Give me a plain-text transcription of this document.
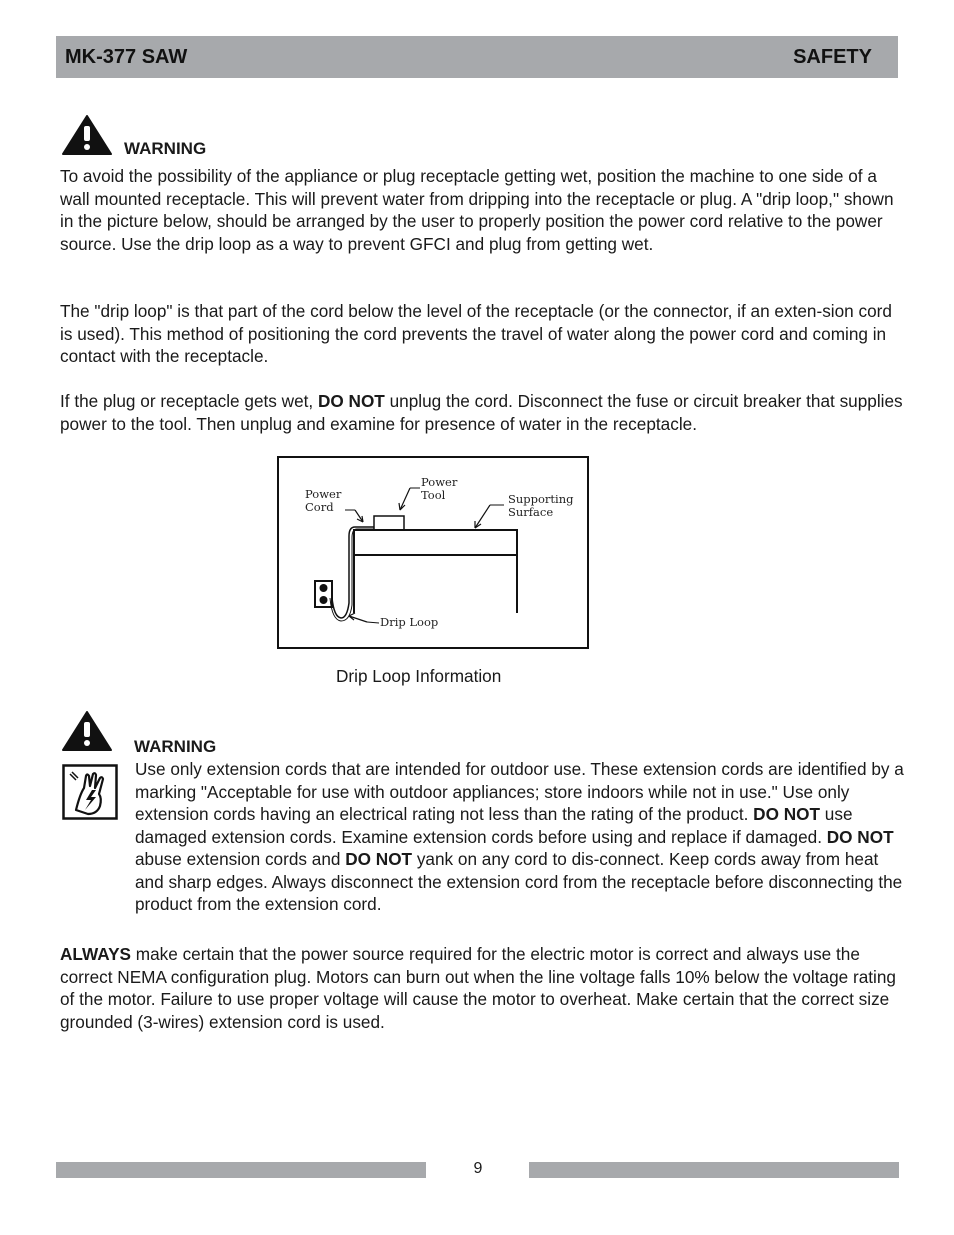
MK-377 SAW	SAFETY
WARNING

To avoid the possibility of the appliance or plug receptacle getting wet, position the machine to one side of a wall mounted receptacle. This will prevent water from dripping into the receptacle or plug. A "drip loop," shown in the picture below, should be arranged by the user to properly position the power cord relative to the power source. Use the drip loop as a way to prevent GFCI and plug from getting wet.

The "drip loop" is that part of the cord below the level of the receptacle (or the connector, if an exten-sion cord is used). This method of positioning the cord prevents the travel of water along the power cord and coming in contact with the receptacle.

If the plug or receptacle gets wet, DO NOT unplug the cord. Disconnect the fuse or circuit breaker that supplies power to the tool. Then unplug and examine for presence of water in the receptacle.

Power
Cord
Power
Tool	Supporting
Surface
Drip Loop
Drip Loop Information
WARNING

Use only extension cords that are intended for outdoor use. These extension cords are identified by a marking "Acceptable for use with outdoor appliances; store indoors while not in use." Use only extension cords having an electrical rating not less than the rating of the product. DO NOT use damaged extension cords. Examine extension cords before using and replace if damaged. DO NOT abuse extension cords and DO NOT yank on any cord to dis-connect. Keep cords away from heat and sharp edges. Always disconnect the extension cord from the receptacle before disconnecting the product from the extension cord.

ALWAYS make certain that the power source required for the electric motor is correct and always use the correct NEMA configuration plug. Motors can burn out when the line voltage falls 10% below the voltage rating of the motor. Failure to use proper voltage will cause the motor to overheat. Make certain that the correct size grounded (3-wires) extension cord is used.

9
